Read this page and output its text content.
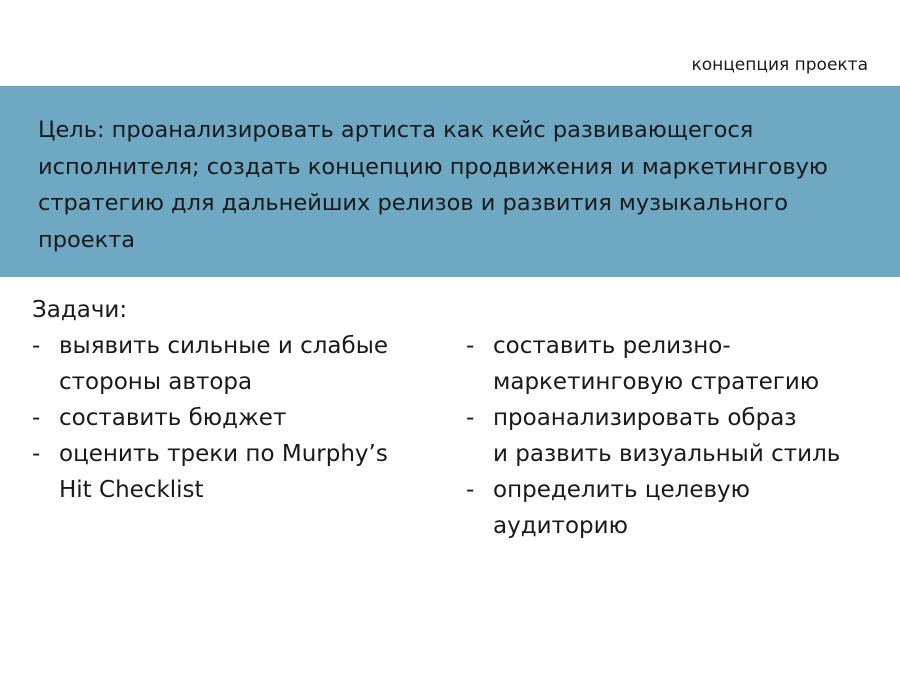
концепция проекта
Цель: проанализировать артиста как кейс развивающегося исполнителя; создать концепцию продвижения и маркетинговую стратегию для дальнейших релизов и развития музыкального проекта
Задачи:
- выявить сильные и слабые
стороны автора
- составить бюджет
- оценить треки по Murphy’s
Hit Checklist
- составить релизно-
маркетинговую стратегию
- проанализировать образ
и развить визуальный стиль
- определить целевую
аудиторию
